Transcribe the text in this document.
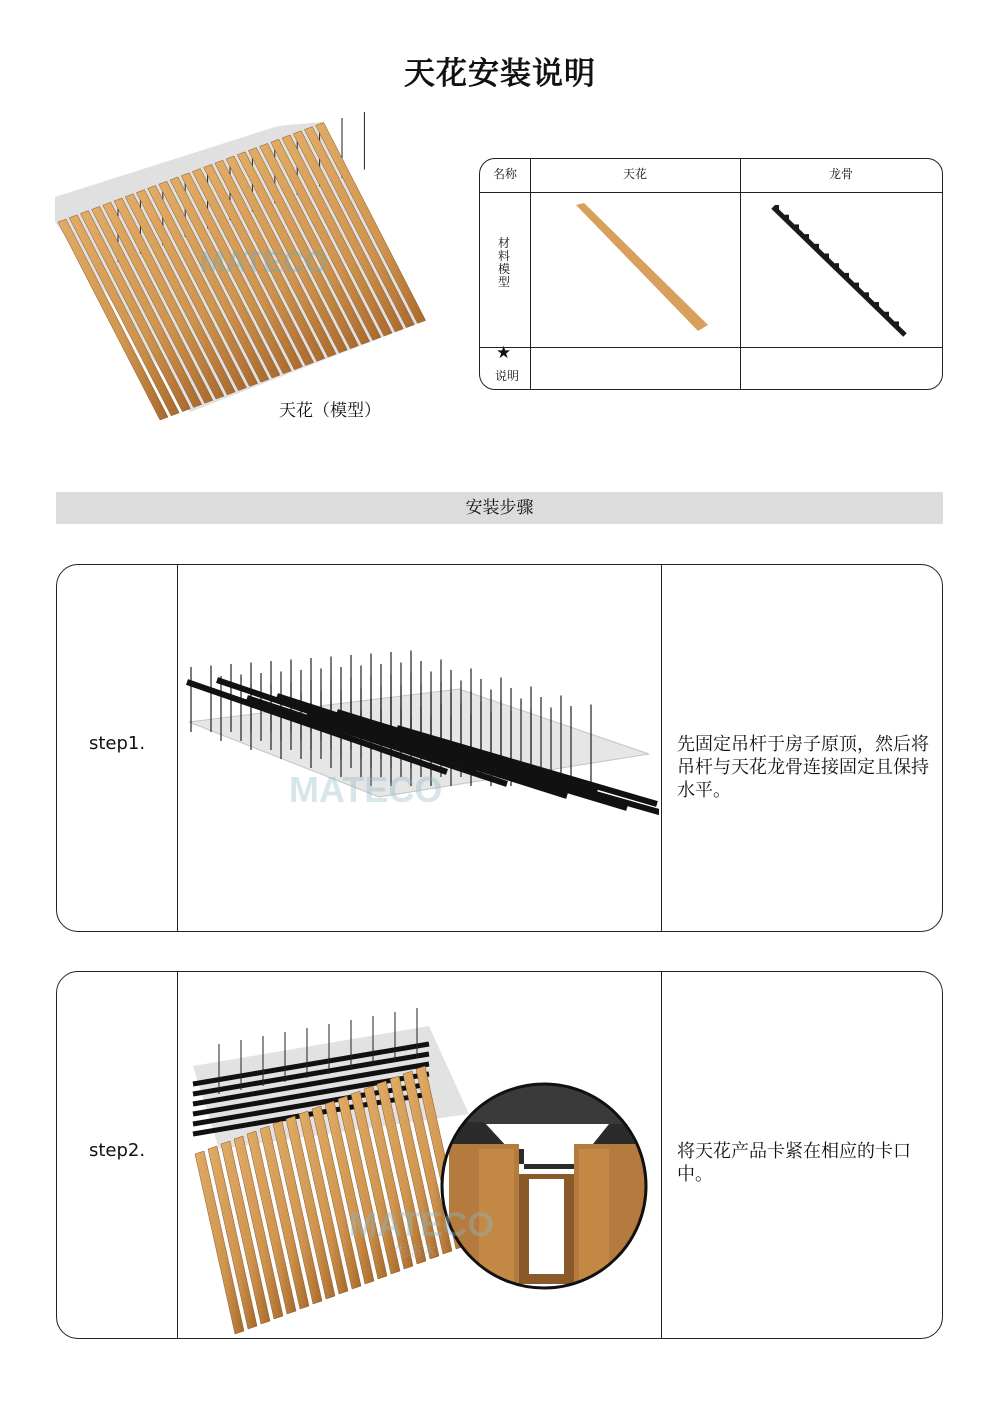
天花安装说明
MATECO
天花（模型）
名称	天花	龙骨
材料模型
★
说明
安装步骤
step1.
MATECO
先固定吊杆于房子原顶，然后将吊杆与天花龙骨连接固定且保持水平。
step2.
MATECO
生态木
将天花产品卡紧在相应的卡口中。
